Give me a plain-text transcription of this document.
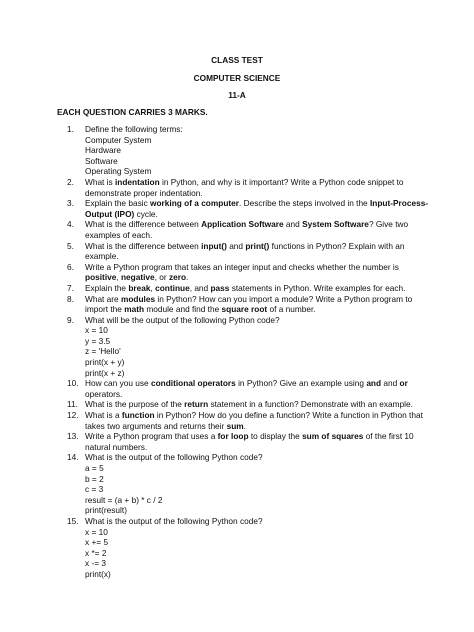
CLASS TEST
COMPUTER SCIENCE
11-A
EACH QUESTION CARRIES 3 MARKS.
1.	Define the following terms:
Computer System
Hardware
Software
Operating System
2.	What is indentation in Python, and why is it important? Write a Python code snippet to
demonstrate proper indentation.
3.	Explain the basic working of a computer. Describe the steps involved in the Input-Process-
Output (IPO) cycle.
4.	What is the difference between Application Software and System Software? Give two
examples of each.
5.	What is the difference between input() and print() functions in Python? Explain with an
example.
6.	Write a Python program that takes an integer input and checks whether the number is
positive, negative, or zero.
7.	Explain the break, continue, and pass statements in Python. Write examples for each.
8.	What are modules in Python? How can you import a module? Write a Python program to
import the math module and find the square root of a number.
9.	What will be the output of the following Python code?
x = 10
y = 3.5
z = 'Hello'
print(x + y)
print(x + z)
10. How can you use conditional operators in Python? Give an example using and and or
operators.
11. What is the purpose of the return statement in a function? Demonstrate with an example.
12. What is a function in Python? How do you define a function? Write a function in Python that
takes two arguments and returns their sum.
13. Write a Python program that uses a for loop to display the sum of squares of the first 10
natural numbers.
14. What is the output of the following Python code?
a = 5
b = 2
c = 3
result = (a + b) * c / 2
print(result)
15. What is the output of the following Python code?
x = 10
x += 5
x *= 2
x -= 3
print(x)
